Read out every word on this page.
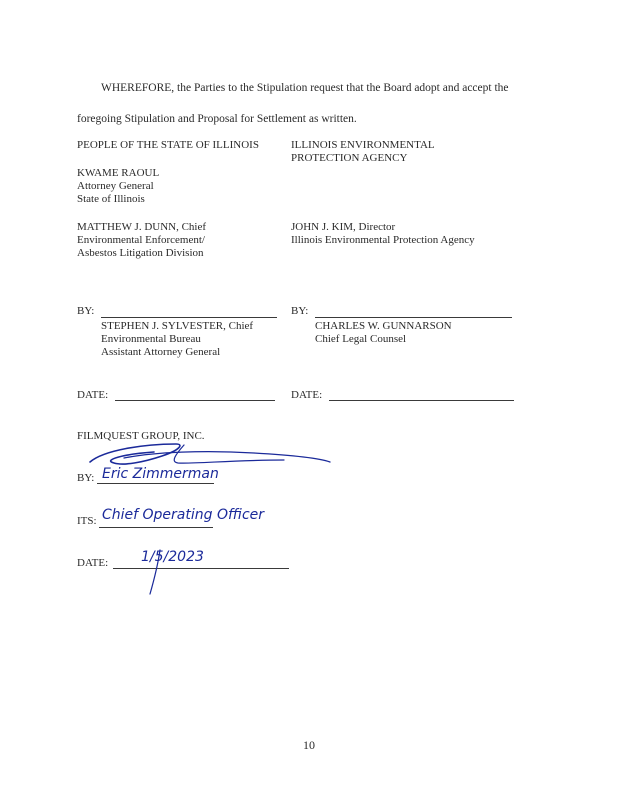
WHEREFORE, the Parties to the Stipulation request that the Board adopt and accept the
foregoing Stipulation and Proposal for Settlement as written.
PEOPLE OF THE STATE OF ILLINOIS
KWAME RAOUL
Attorney General
State of Illinois
MATTHEW J. DUNN, Chief
Environmental Enforcement/
Asbestos Litigation Division
ILLINOIS ENVIRONMENTAL
PROTECTION AGENCY
JOHN J. KIM, Director
Illinois Environmental Protection Agency
BY:
STEPHEN J. SYLVESTER, Chief
Environmental Bureau
Assistant Attorney General
BY:
CHARLES W. GUNNARSON
Chief Legal Counsel
DATE:	DATE:
FILMQUEST GROUP, INC.
BY: Eric Zimmerman
ITS: Chief Operating Officer
DATE: 1/5/2023
10
